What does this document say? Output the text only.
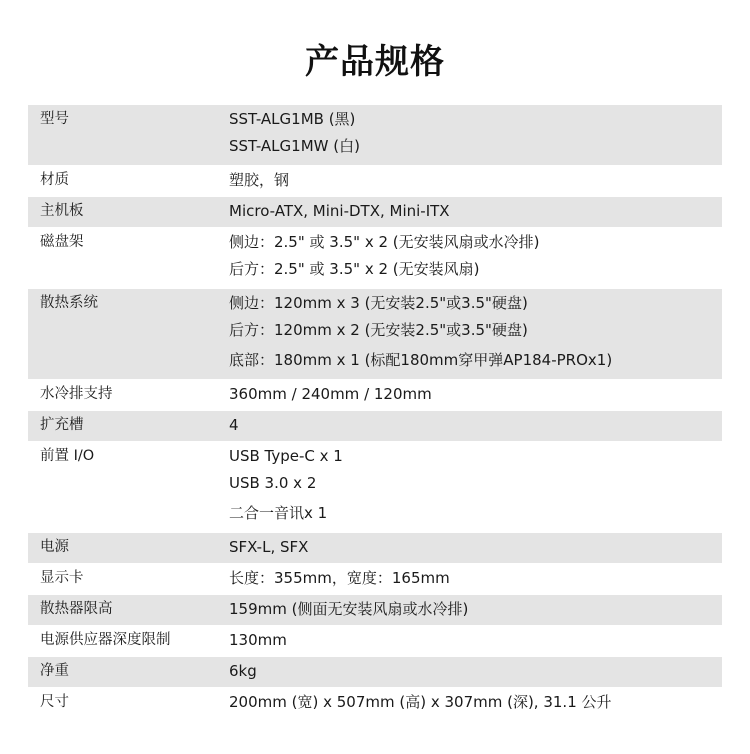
产品规格
型号	SST-ALG1MB (黑)
SST-ALG1MW (白)
材质	塑胶，钢
主机板	Micro-ATX, Mini-DTX, Mini-ITX
磁盘架	侧边：2.5" 或 3.5" x 2 (无安装风扇或水冷排)
后方：2.5" 或 3.5" x 2 (无安装风扇)
散热系统	侧边：120mm x 3 (无安装2.5"或3.5"硬盘)
后方：120mm x 2 (无安装2.5"或3.5"硬盘)
底部：180mm x 1 (标配180mm穿甲弹AP184-PROx1)
水冷排支持	360mm / 240mm / 120mm
扩充槽	4
前置 I/O	USB Type-C x 1
USB 3.0 x 2
二合一音讯x 1
电源	SFX-L, SFX
显示卡	长度：355mm，宽度：165mm
散热器限高	159mm (侧面无安装风扇或水冷排)
电源供应器深度限制	130mm
净重	6kg
尺寸	200mm (宽) x 507mm (高) x 307mm (深), 31.1 公升
